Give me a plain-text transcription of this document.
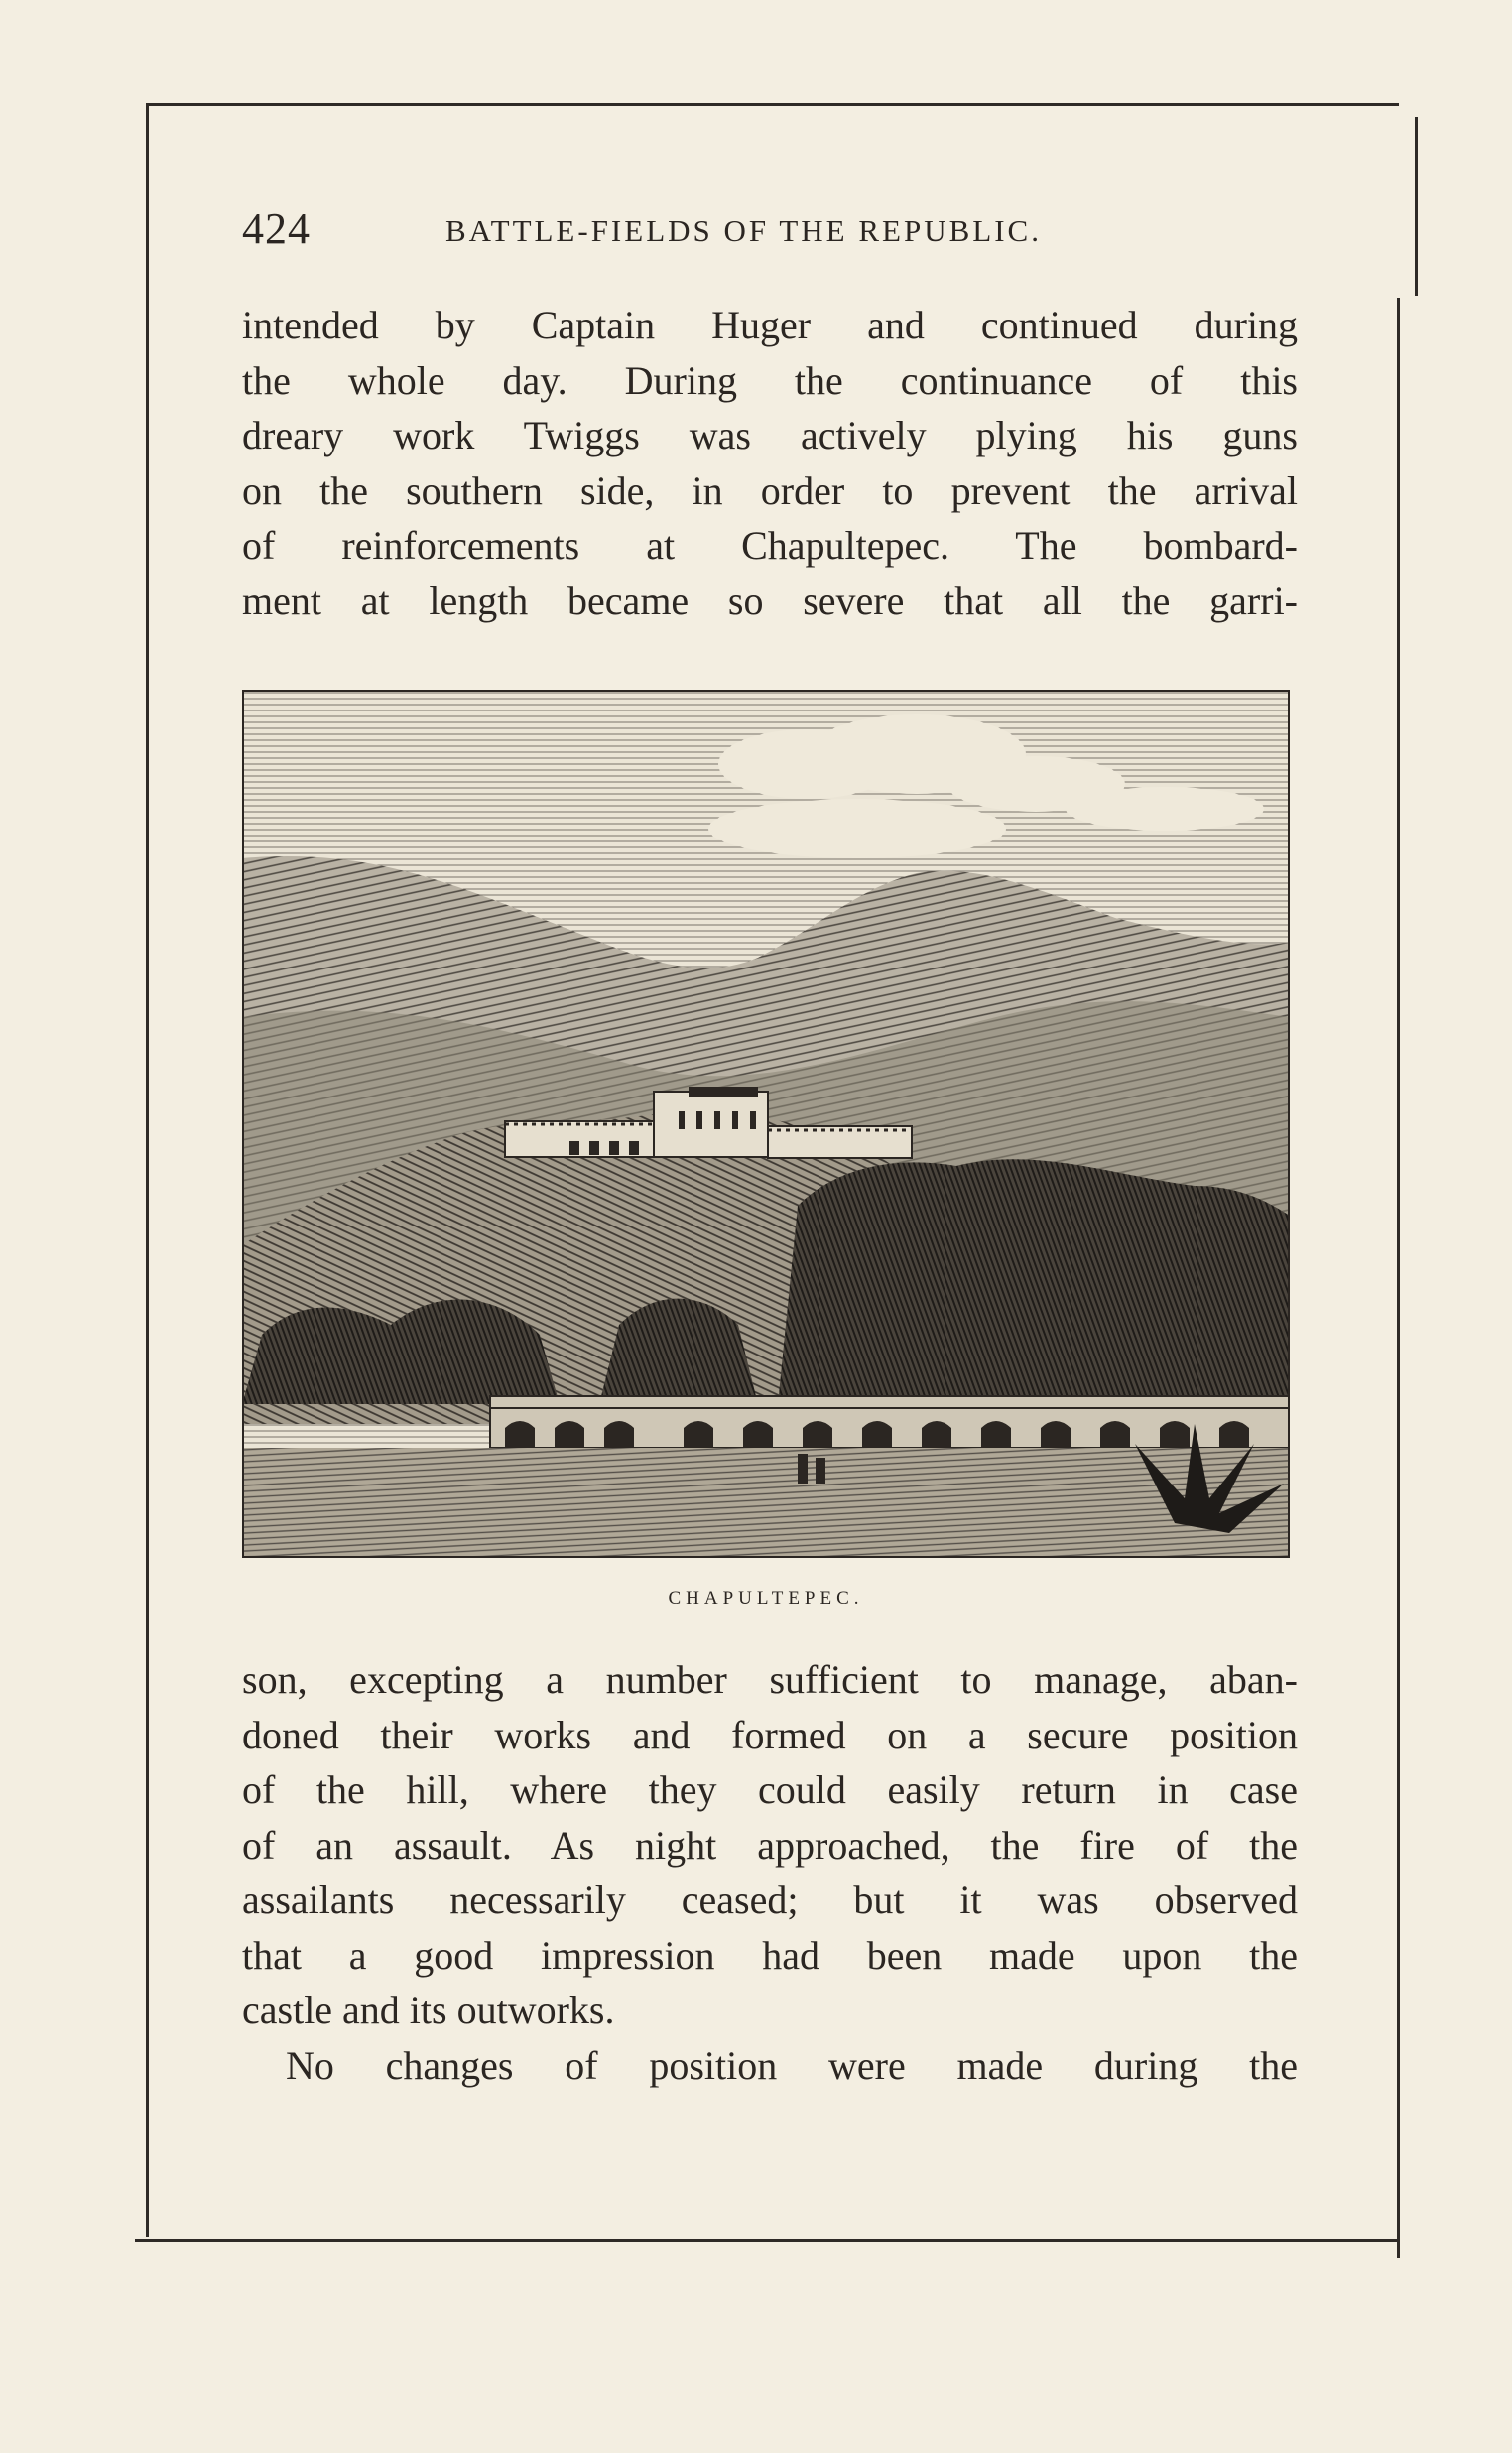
424	BATTLE-FIELDS OF THE REPUBLIC.
intended by Captain Huger and continued during
the whole day. During the continuance of this
dreary work Twiggs was actively plying his guns
on the southern side, in order to prevent the arrival
of reinforcements at Chapultepec. The bombard-
ment at length became so severe that all the garri-
CHAPULTEPEC.
son, excepting a number sufficient to manage, aban-
doned their works and formed on a secure position
of the hill, where they could easily return in case
of an assault. As night approached, the fire of the
assailants necessarily ceased; but it was observed
that a good impression had been made upon the
castle and its outworks.
No changes of position were made during the
